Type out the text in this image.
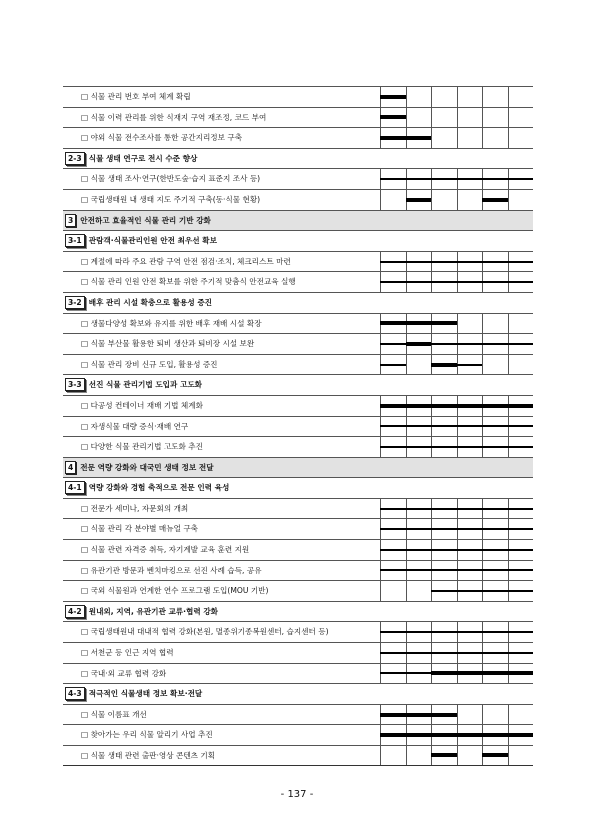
□ 식물 관리 번호 부여 체계 확립
□ 식물 이력 관리를 위한 식재지 구역 재조정, 코드 부여
□ 야외 식물 전수조사를 통한 공간지리정보 구축
2-3 식물 생태 연구로 전시 수준 향상
□ 식물 생태 조사·연구(한반도숲·습지 표준지 조사 등)
□ 국립생태원 내 생태 지도 주기적 구축(동·식물 현황)
3 안전하고 효율적인 식물 관리 기반 강화
3-1 관람객·식물관리인원 안전 최우선 확보
□ 계절에 따라 주요 관람 구역 안전 점검·조치, 체크리스트 마련
□ 식물 관리 인원 안전 확보를 위한 주기적 맞춤식 안전교육 실행
3-2 배후 관리 시설 확충으로 활용성 증진
□ 생물다양성 확보와 유지를 위한 배후 재배 시설 확장
□ 식물 부산물 활용한 퇴비 생산과 퇴비장 시설 보완
□ 식물 관리 장비 신규 도입, 활용성 증진
3-3 선진 식물 관리기법 도입과 고도화
□ 다공성 컨테이너 재배 기법 체계화
□ 자생식물 대량 증식·재배 연구
□ 다양한 식물 관리기법 고도화 추진
4 전문 역량 강화와 대국민 생태 정보 전달
4-1 역량 강화와 경험 축적으로 전문 인력 육성
□ 전문가 세미나, 자문회의 개최
□ 식물 관리 각 분야별 매뉴얼 구축
□ 식물 관련 자격증 취득, 자기계발 교육 훈련 지원
□ 유관기관 방문과 벤치마킹으로 선진 사례 습득, 공유
□ 국외 식물원과 연계한 연수 프로그램 도입(MOU 기반)
4-2 원내외, 지역, 유관기관 교류·협력 강화
□ 국립생태원내 대내적 협력 강화(본원, 멸종위기종복원센터, 습지센터 등)
□ 서천군 등 인근 지역 협력
□ 국내·외 교류 협력 강화
4-3 적극적인 식물생태 정보 확보·전달
□ 식물 이름표 개선
□ 찾아가는 우리 식물 알리기 사업 추진
□ 식물 생태 관련 출판·영상 콘텐츠 기획
- 137 -
